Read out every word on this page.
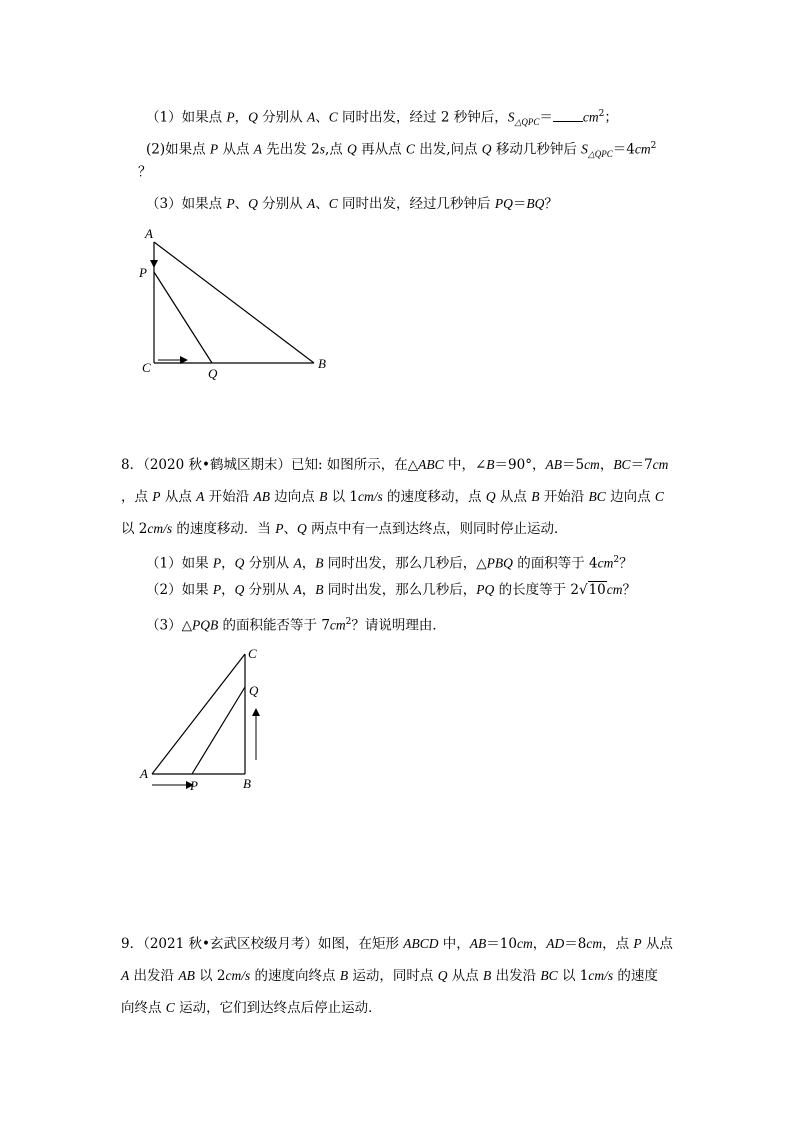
（1）如果点 P，Q 分别从 A、C 同时出发，经过 2 秒钟后，$S_{\triangle QPC}= cm^2$；
(2)如果点 P 从点 A 先出发 2s,点 Q 再从点 C 出发,问点 Q 移动几秒钟后 $S_{\triangle QPC}=4cm^2$
？
（3）如果点 P、Q 分别从 A、C 同时出发，经过几秒钟后 PQ＝BQ？
A
P
C	Q
B
8．（2020 秋•鹤城区期末）已知: 如图所示，在△ABC 中，∠B＝90°，AB＝5cm，BC＝7cm
，点 P 从点 A 开始沿 AB 边向点 B 以 1cm/s 的速度移动，点 Q 从点 B 开始沿 BC 边向点 C
以 2cm/s 的速度移动．当 P、Q 两点中有一点到达终点，则同时停止运动．
（1）如果 P，Q 分别从 A，B 同时出发，那么几秒后，△PBQ 的面积等于 $4cm^2$？
（2）如果 P，Q 分别从 A，B 同时出发，那么几秒后，PQ 的长度等于 2√10cm？
（3）△PQB 的面积能否等于 $7cm^2$？请说明理由．
C
Q
A
P	B
9．（2021 秋•玄武区校级月考）如图，在矩形 ABCD 中，AB＝10cm，AD＝8cm，点 P 从点
A 出发沿 AB 以 2cm/s 的速度向终点 B 运动，同时点 Q 从点 B 出发沿 BC 以 1cm/s 的速度
向终点 C 运动，它们到达终点后停止运动．
